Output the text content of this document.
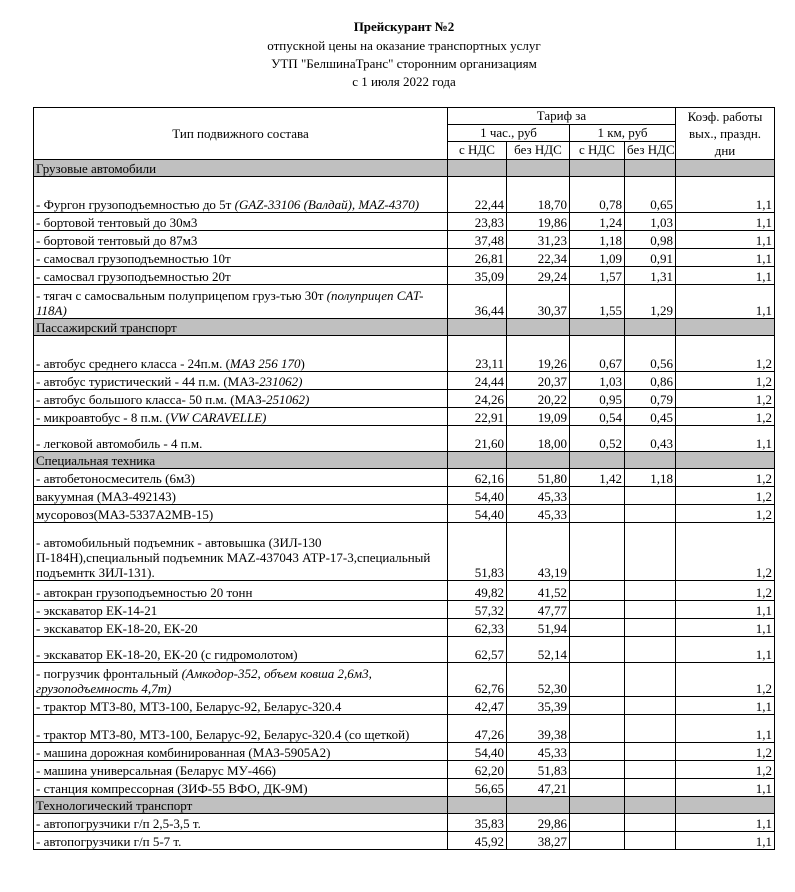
Прейскурант №2
отпускной цены на оказание транспортных услуг
УТП "БелшинаТранс" сторонним организациям
с 1 июля 2022 года
Тип подвижного состава	Тариф за				Коэф. работы вых., праздн. дни
	1 час., руб		1 км, руб		
	с НДС	без НДС	с НДС	без НДС	
Грузовые автомобили					
- Фургон грузоподъемностью до 5т (GAZ-33106 (Валдай), MAZ-4370)	22,44	18,70	0,78	0,65	1,1
- бортовой тентовый до 30м3	23,83	19,86	1,24	1,03	1,1
- бортовой тентовый до 87м3	37,48	31,23	1,18	0,98	1,1
- самосвал грузоподъемностью 10т	26,81	22,34	1,09	0,91	1,1
- самосвал грузоподъемностью 20т	35,09	29,24	1,57	1,31	1,1
- тягач с самосвальным полуприцепом груз-тью 30т (полуприцеп CAT-118A)	36,44	30,37	1,55	1,29	1,1
Пассажирский транспорт					
- автобус среднего класса - 24п.м. (МАЗ 256 170)	23,11	19,26	0,67	0,56	1,2
- автобус туристический - 44 п.м. (МАЗ-231062)	24,44	20,37	1,03	0,86	1,2
- автобус большого класса- 50 п.м. (МАЗ-251062)	24,26	20,22	0,95	0,79	1,2
- микроавтобус - 8 п.м. (VW CARAVELLE)	22,91	19,09	0,54	0,45	1,2
- легковой автомобиль - 4 п.м.	21,60	18,00	0,52	0,43	1,1
Специальная техника					
- автобетоносмеситель (6м3)	62,16	51,80	1,42	1,18	1,2
вакуумная (МАЗ-492143)	54,40	45,33			1,2
мусоровоз(МАЗ-5337А2МВ-15)	54,40	45,33			1,2
- автомобильный подъемник - автовышка (ЗИЛ-130 П-184Н),специальный подъемник MAZ-437043 АТР-17-3,специальный подъемнтк ЗИЛ-131).	51,83	43,19			1,2
- автокран грузоподъемностью 20 тонн	49,82	41,52			1,2
- экскаватор ЕК-14-21	57,32	47,77			1,1
- экскаватор ЕК-18-20, ЕК-20	62,33	51,94			1,1
- экскаватор ЕК-18-20, ЕК-20 (с гидромолотом)	62,57	52,14			1,1
- погрузчик фронтальный (Амкодор-352, объем ковша 2,6м3, грузоподъемность 4,7т)	62,76	52,30			1,2
- трактор МТЗ-80, МТЗ-100, Беларус-92, Беларус-320.4	42,47	35,39			1,1
- трактор МТЗ-80, МТЗ-100, Беларус-92, Беларус-320.4 (со щеткой)	47,26	39,38			1,1
- машина дорожная комбинированная (МАЗ-5905А2)	54,40	45,33			1,2
- машина универсальная (Беларус МУ-466)	62,20	51,83			1,2
- станция компрессорная (ЗИФ-55 ВФО, ДК-9М)	56,65	47,21			1,1
Технологический транспорт					
- автопогрузчики г/п 2,5-3,5 т.	35,83	29,86			1,1
- автопогрузчики г/п 5-7 т.	45,92	38,27			1,1
